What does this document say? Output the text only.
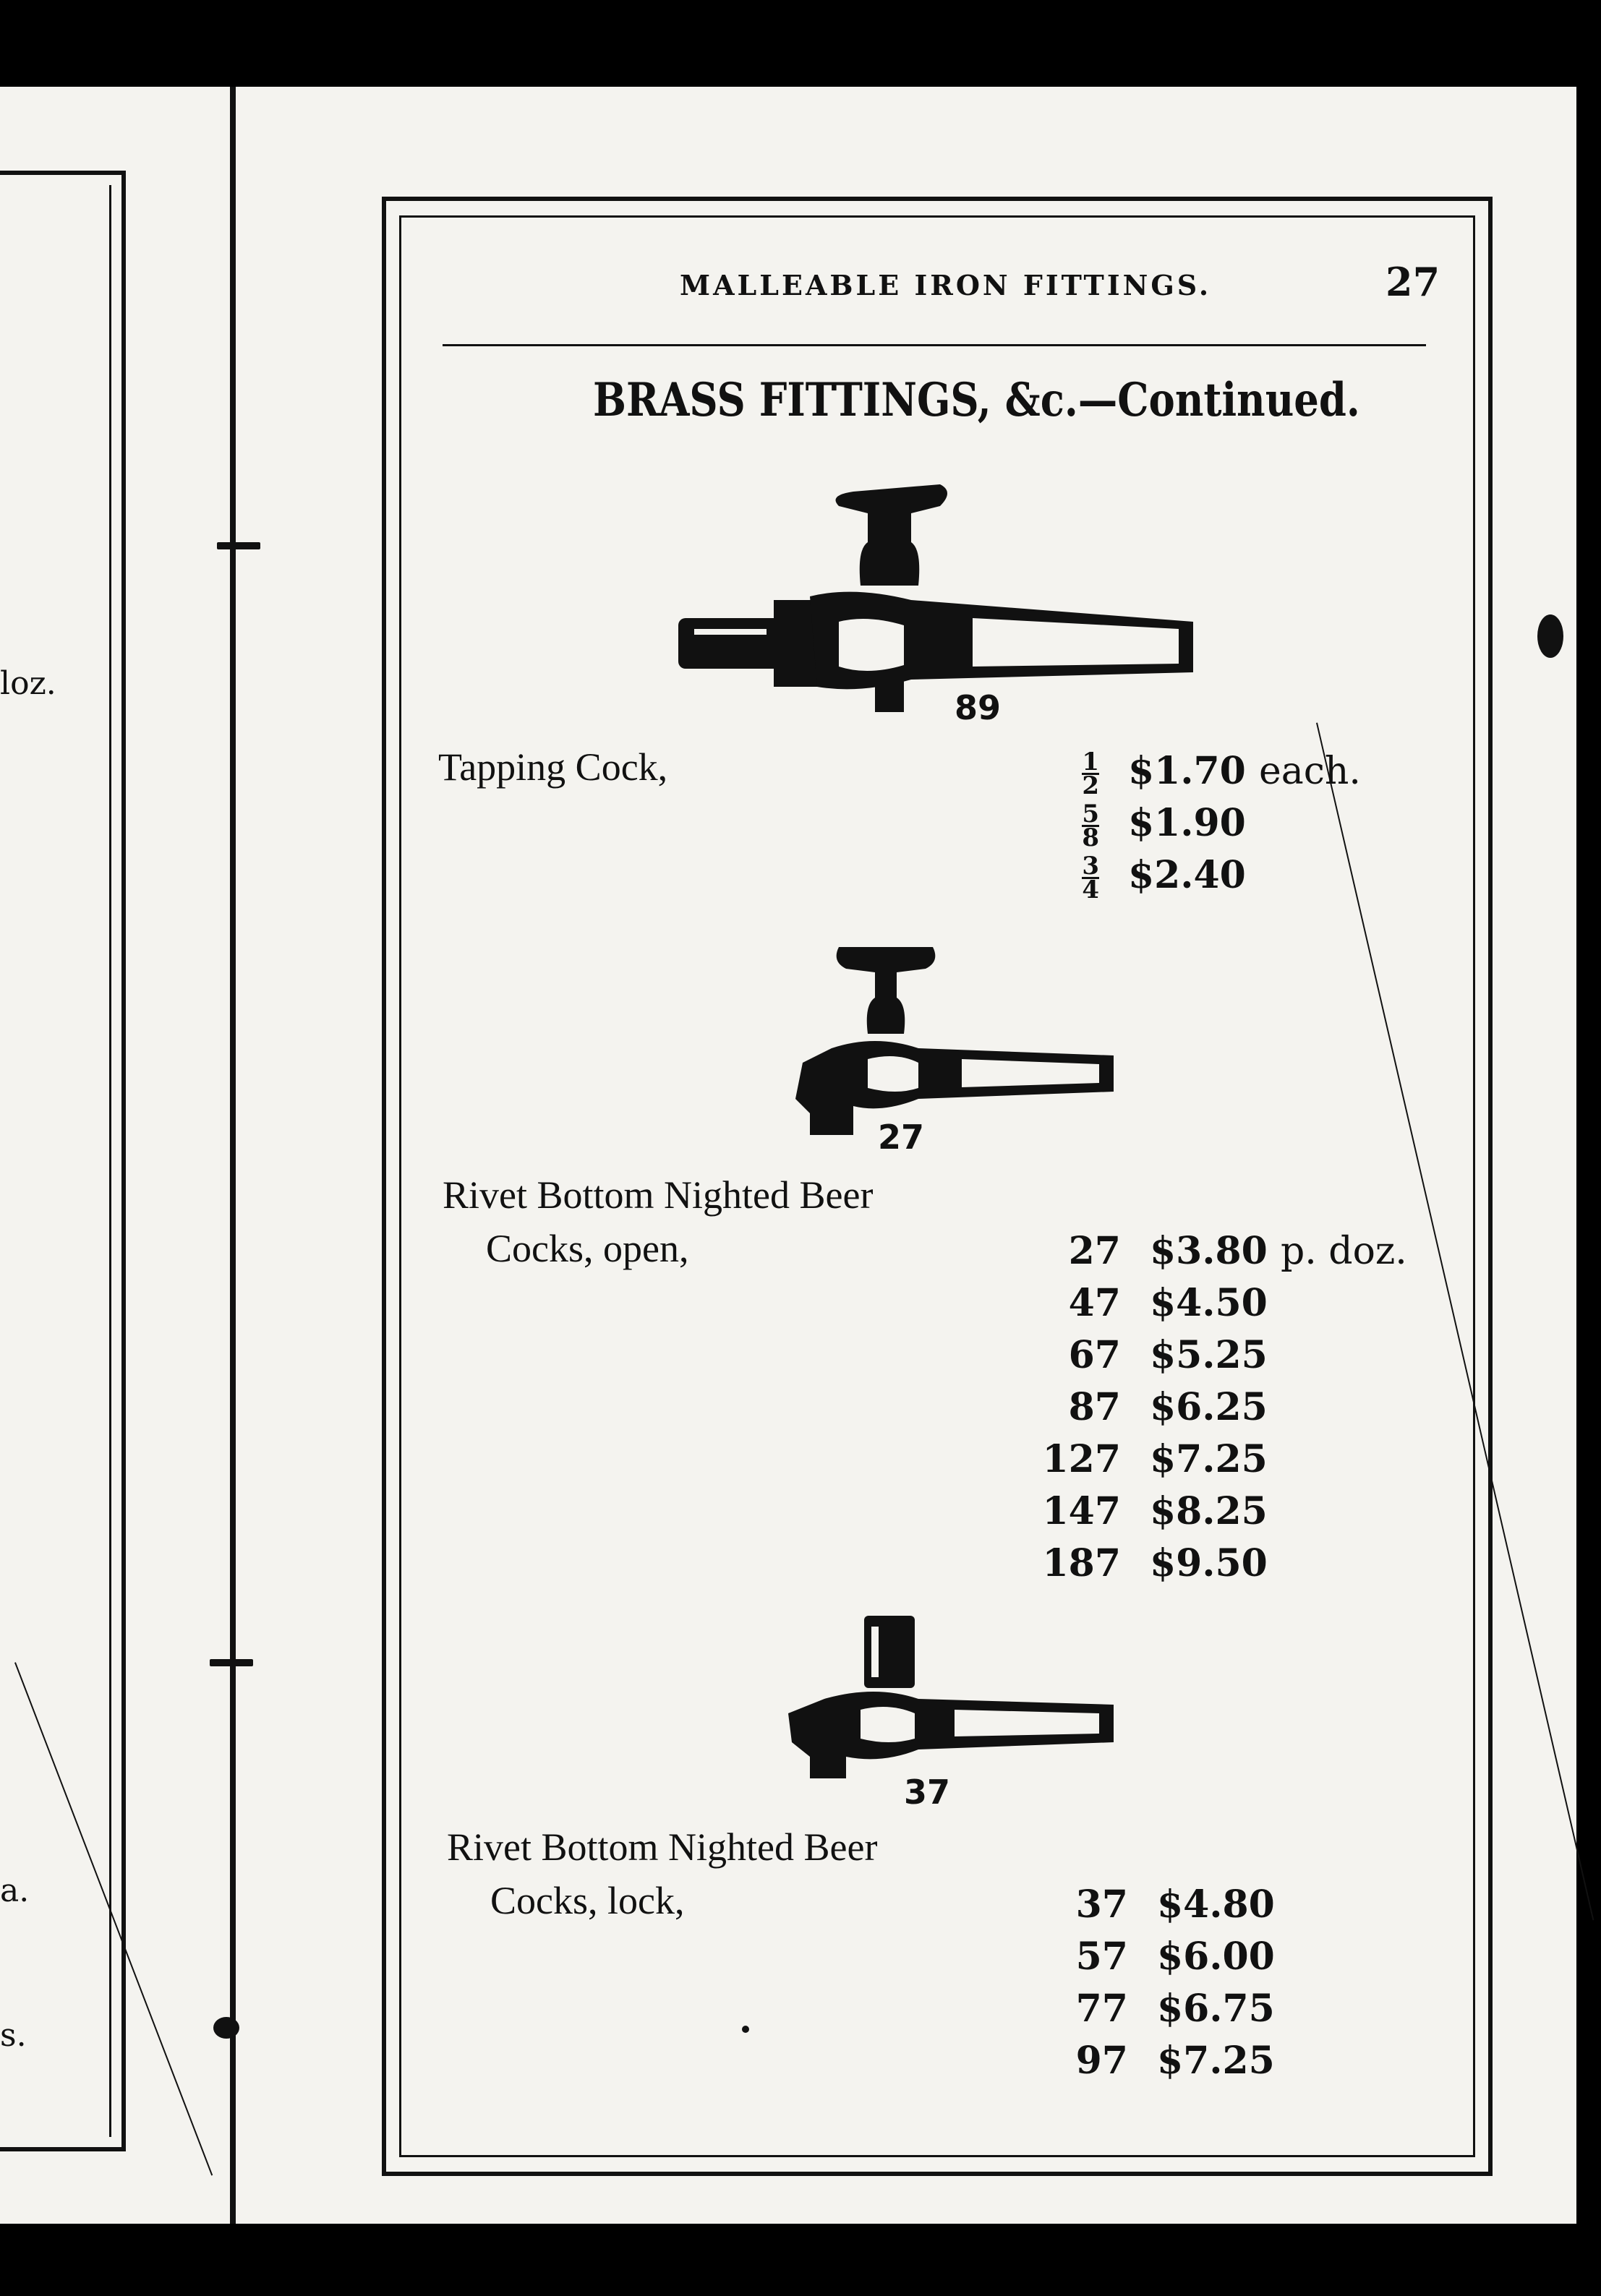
loz.
a.
s.
MALLEABLE IRON FITTINGS.	27
BRASS FITTINGS, &c.—Continued.
89
Tapping Cock,	$\frac{1}{2}$ $1.70 each.
$\frac{5}{8}$ $1.90
$\frac{3}{4}$ $2.40
27
Rivet Bottom Nighted Beer
Cocks, open,	27 $3.80 p. doz.
47 $4.50
67 $5.25
87 $6.25
127 $7.25
147 $8.25
187 $9.50
37
Rivet Bottom Nighted Beer
Cocks, lock,	37 $4.80
57 $6.00
77 $6.75
97 $7.25
